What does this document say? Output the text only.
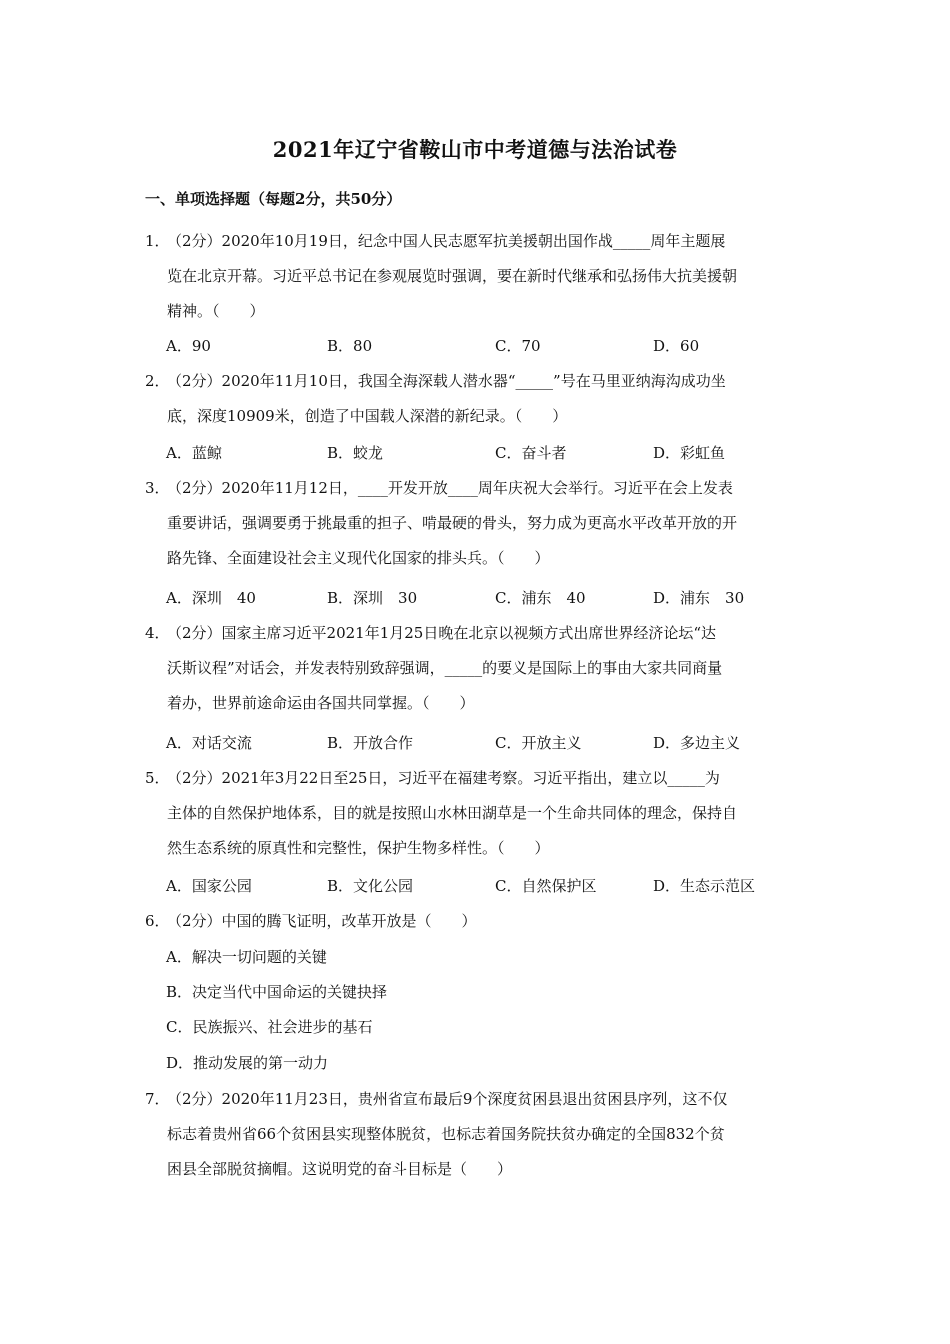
2021年辽宁省鞍山市中考道德与法治试卷
一、单项选择题（每题2分，共50分）
1．（2分）2020年10月19日，纪念中国人民志愿军抗美援朝出国作战_____周年主题展
览在北京开幕。习近平总书记在参观展览时强调，要在新时代继承和弘扬伟大抗美援朝
精神。（　　）
A．90	B．80	C．70	D．60
2．（2分）2020年11月10日，我国全海深载人潜水器“_____”号在马里亚纳海沟成功坐
底，深度10909米，创造了中国载人深潜的新纪录。（　　）
A．蓝鲸	B．蛟龙	C．奋斗者	D．彩虹鱼
3．（2分）2020年11月12日，____开发开放____周年庆祝大会举行。习近平在会上发表
重要讲话，强调要勇于挑最重的担子、啃最硬的骨头，努力成为更高水平改革开放的开
路先锋、全面建设社会主义现代化国家的排头兵。（　　）
A．深圳　40	B．深圳　30	C．浦东　40	D．浦东　30
4．（2分）国家主席习近平2021年1月25日晚在北京以视频方式出席世界经济论坛“达
沃斯议程”对话会，并发表特别致辞强调，_____的要义是国际上的事由大家共同商量
着办，世界前途命运由各国共同掌握。（　　）
A．对话交流	B．开放合作	C．开放主义	D．多边主义
5．（2分）2021年3月22日至25日，习近平在福建考察。习近平指出，建立以_____为
主体的自然保护地体系，目的就是按照山水林田湖草是一个生命共同体的理念，保持自
然生态系统的原真性和完整性，保护生物多样性。（　　）
A．国家公园	B．文化公园	C．自然保护区	D．生态示范区
6．（2分）中国的腾飞证明，改革开放是（　　）
A．解决一切问题的关键
B．决定当代中国命运的关键抉择
C．民族振兴、社会进步的基石
D．推动发展的第一动力
7．（2分）2020年11月23日，贵州省宣布最后9个深度贫困县退出贫困县序列，这不仅
标志着贵州省66个贫困县实现整体脱贫，也标志着国务院扶贫办确定的全国832个贫
困县全部脱贫摘帽。这说明党的奋斗目标是（　　）
